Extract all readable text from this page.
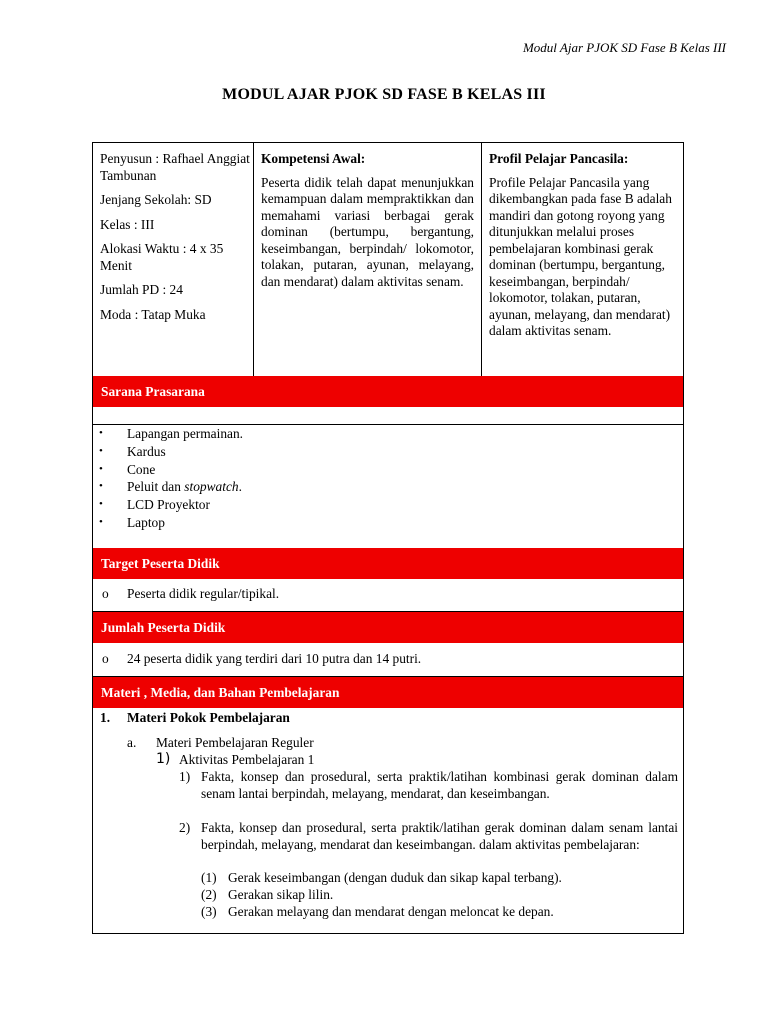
Modul Ajar PJOK SD Fase B Kelas III
MODUL AJAR PJOK SD FASE B KELAS III
Penyusun : Rafhael Anggiat Tambunan
Jenjang Sekolah: SD
Kelas : III
Alokasi Waktu : 4 x 35 Menit
Jumlah PD : 24
Moda : Tatap Muka
Kompetensi Awal:
Peserta didik telah dapat menunjukkan kemampuan dalam mempraktikkan dan memahami variasi berbagai gerak dominan (bertumpu, bergantung, keseimbangan, berpindah/ lokomotor, tolakan, putaran, ayunan, melayang, dan mendarat) dalam aktivitas senam.
Profil Pelajar Pancasila:
Profile Pelajar Pancasila yang dikembangkan pada fase B adalah mandiri dan gotong royong yang ditunjukkan melalui proses pembelajaran kombinasi gerak dominan (bertumpu, bergantung, keseimbangan, berpindah/ lokomotor, tolakan, putaran, ayunan, melayang, dan mendarat) dalam aktivitas senam.
Sarana Prasarana
• Lapangan permainan.
• Kardus
• Cone
• Peluit dan stopwatch.
• LCD Proyektor
• Laptop
Target Peserta Didik
o Peserta didik regular/tipikal.
Jumlah Peserta Didik
o 24 peserta didik yang terdiri dari 10 putra dan 14 putri.
Materi , Media, dan Bahan Pembelajaran
1. Materi Pokok Pembelajaran
a. Materi Pembelajaran Reguler
1) Aktivitas Pembelajaran 1
1) Fakta, konsep dan prosedural, serta praktik/latihan kombinasi gerak dominan dalam senam lantai berpindah, melayang, mendarat, dan keseimbangan.
2) Fakta, konsep dan prosedural, serta praktik/latihan gerak dominan dalam senam lantai berpindah, melayang, mendarat dan keseimbangan. dalam aktivitas pembelajaran:
(1) Gerak keseimbangan (dengan duduk dan sikap kapal terbang).
(2) Gerakan sikap lilin.
(3) Gerakan melayang dan mendarat dengan meloncat ke depan.
